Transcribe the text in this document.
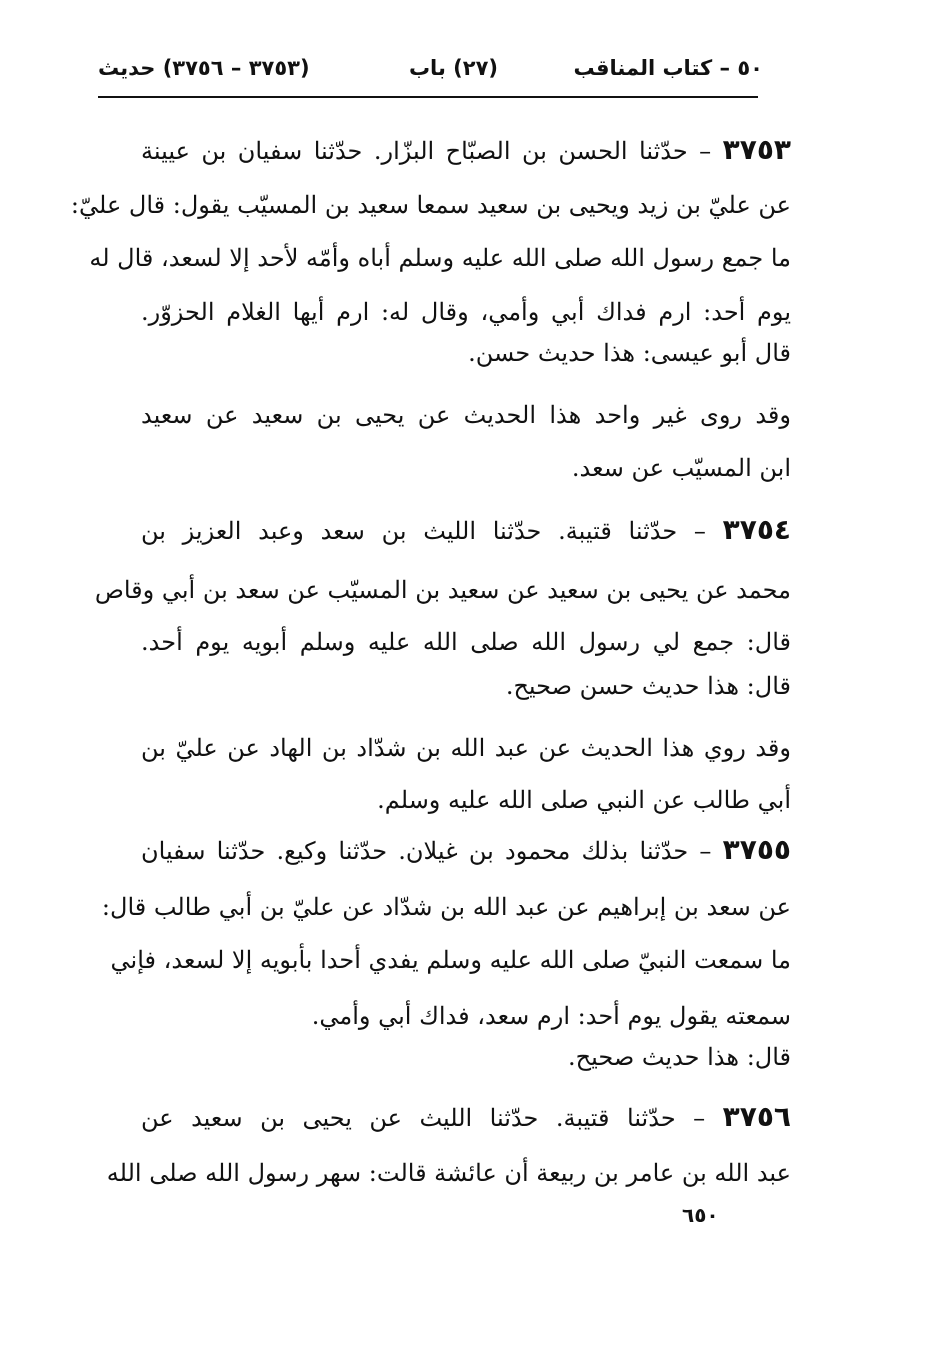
٥٠ – كتاب المناقب
(٢٧) باب
(٣٧٥٣ – ٣٧٥٦) حديث
٣٧٥٣ – حدّثنا الحسن بن الصبّاح البزّار. حدّثنا سفيان بن عيينة
عن عليّ بن زيد ويحيى بن سعيد سمعا سعيد بن المسيّب يقول: قال عليّ:
ما جمع رسول الله صلى الله عليه وسلم أباه وأمّه لأحد إلا لسعد، قال له
يوم أحد: ارم فداك أبي وأمي، وقال له: ارم أيها الغلام الحزوّر.
قال أبو عيسى: هذا حديث حسن.
وقد روى غير واحد هذا الحديث عن يحيى بن سعيد عن سعيد
ابن المسيّب عن سعد.
٣٧٥٤ – حدّثنا قتيبة. حدّثنا الليث بن سعد وعبد العزيز بن
محمد عن يحيى بن سعيد عن سعيد بن المسيّب عن سعد بن أبي وقاص
قال: جمع لي رسول الله صلى الله عليه وسلم أبويه يوم أحد.
قال: هذا حديث حسن صحيح.
وقد روي هذا الحديث عن عبد الله بن شدّاد بن الهاد عن عليّ بن
أبي طالب عن النبي صلى الله عليه وسلم.
٣٧٥٥ – حدّثنا بذلك محمود بن غيلان. حدّثنا وكيع. حدّثنا سفيان
عن سعد بن إبراهيم عن عبد الله بن شدّاد عن عليّ بن أبي طالب قال:
ما سمعت النبيّ صلى الله عليه وسلم يفدي أحدا بأبويه إلا لسعد، فإني
سمعته يقول يوم أحد: ارم سعد، فداك أبي وأمي.
قال: هذا حديث صحيح.
٣٧٥٦ – حدّثنا قتيبة. حدّثنا الليث عن يحيى بن سعيد عن
عبد الله بن عامر بن ربيعة أن عائشة قالت: سهر رسول الله صلى الله
٦٥٠
